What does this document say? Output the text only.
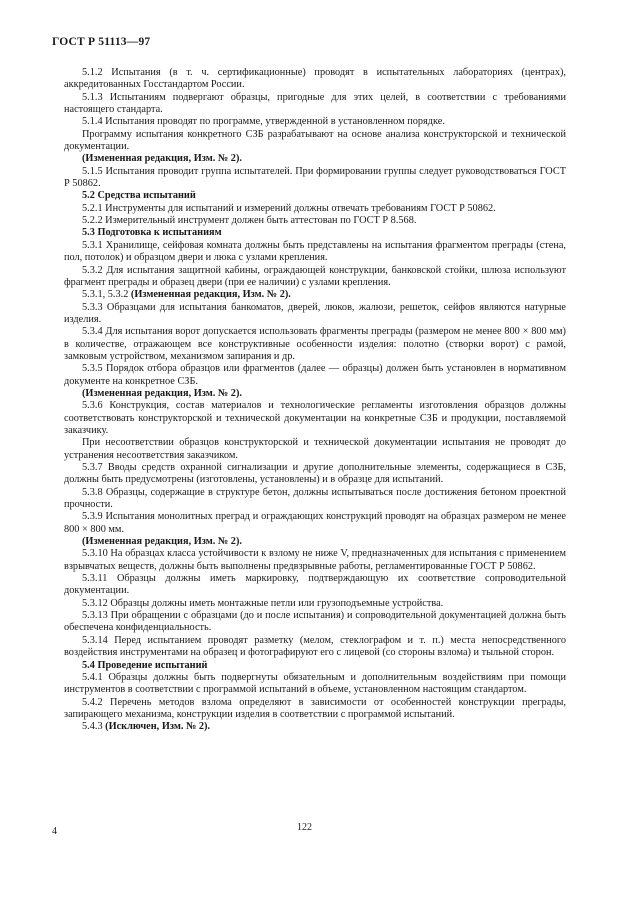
ГОСТ Р 51113—97

5.1.2 Испытания (в т. ч. сертификационные) проводят в испытательных лабораториях (центрах), аккредитованных Госстандартом России.

5.1.3 Испытаниям подвергают образцы, пригодные для этих целей, в соответствии с требованиями настоящего стандарта.

5.1.4 Испытания проводят по программе, утвержденной в установленном порядке.

Программу испытания конкретного СЗБ разрабатывают на основе анализа конструкторской и технической документации.

(Измененная редакция, Изм. № 2).

5.1.5 Испытания проводит группа испытателей. При формировании группы следует руководствоваться ГОСТ Р 50862.

5.2 Средства испытаний

5.2.1 Инструменты для испытаний и измерений должны отвечать требованиям ГОСТ Р 50862.

5.2.2 Измерительный инструмент должен быть аттестован по ГОСТ Р 8.568.

5.3 Подготовка к испытаниям

5.3.1 Хранилище, сейфовая комната должны быть представлены на испытания фрагментом преграды (стена, пол, потолок) и образцом двери и люка с узлами крепления.

5.3.2 Для испытания защитной кабины, ограждающей конструкции, банковской стойки, шлюза используют фрагмент преграды и образец двери (при ее наличии) с узлами крепления.

5.3.1, 5.3.2 (Измененная редакция, Изм. № 2).

5.3.3 Образцами для испытания банкоматов, дверей, люков, жалюзи, решеток, сейфов являются натурные изделия.

5.3.4 Для испытания ворот допускается использовать фрагменты преграды (размером не менее 800 × 800 мм) в количестве, отражающем все конструктивные особенности изделия: полотно (створки ворот) с рамой, замковым устройством, механизмом запирания и др.

5.3.5 Порядок отбора образцов или фрагментов (далее — образцы) должен быть установлен в нормативном документе на конкретное СЗБ.

(Измененная редакция, Изм. № 2).

5.3.6 Конструкция, состав материалов и технологические регламенты изготовления образцов должны соответствовать конструкторской и технической документации на конкретные СЗБ и продукции, поставляемой заказчику.

При несоответствии образцов конструкторской и технической документации испытания не проводят до устранения несоответствия заказчиком.

5.3.7 Вводы средств охранной сигнализации и другие дополнительные элементы, содержащиеся в СЗБ, должны быть предусмотрены (изготовлены, установлены) и в образце для испытаний.

5.3.8 Образцы, содержащие в структуре бетон, должны испытываться после достижения бетоном проектной прочности.

5.3.9 Испытания монолитных преград и ограждающих конструкций проводят на образцах размером не менее 800 × 800 мм.

(Измененная редакция, Изм. № 2).

5.3.10 На образцах класса устойчивости к взлому не ниже V, предназначенных для испытания с применением взрывчатых веществ, должны быть выполнены предвзрывные работы, регламентированные ГОСТ Р 50862.

5.3.11 Образцы должны иметь маркировку, подтверждающую их соответствие сопроводительной документации.

5.3.12 Образцы должны иметь монтажные петли или грузоподъемные устройства.

5.3.13 При обращении с образцами (до и после испытания) и сопроводительной документацией должна быть обеспечена конфиденциальность.

5.3.14 Перед испытанием проводят разметку (мелом, стеклографом и т. п.) места непосредственного воздействия инструментами на образец и фотографируют его с лицевой (со стороны взлома) и тыльной сторон.

5.4 Проведение испытаний

5.4.1 Образцы должны быть подвергнуты обязательным и дополнительным воздействиям при помощи инструментов в соответствии с программой испытаний в объеме, установленном настоящим стандартом.

5.4.2 Перечень методов взлома определяют в зависимости от особенностей конструкции преграды, запирающего механизма, конструкции изделия в соответствии с программой испытаний.

5.4.3 (Исключен, Изм. № 2).

4	122
